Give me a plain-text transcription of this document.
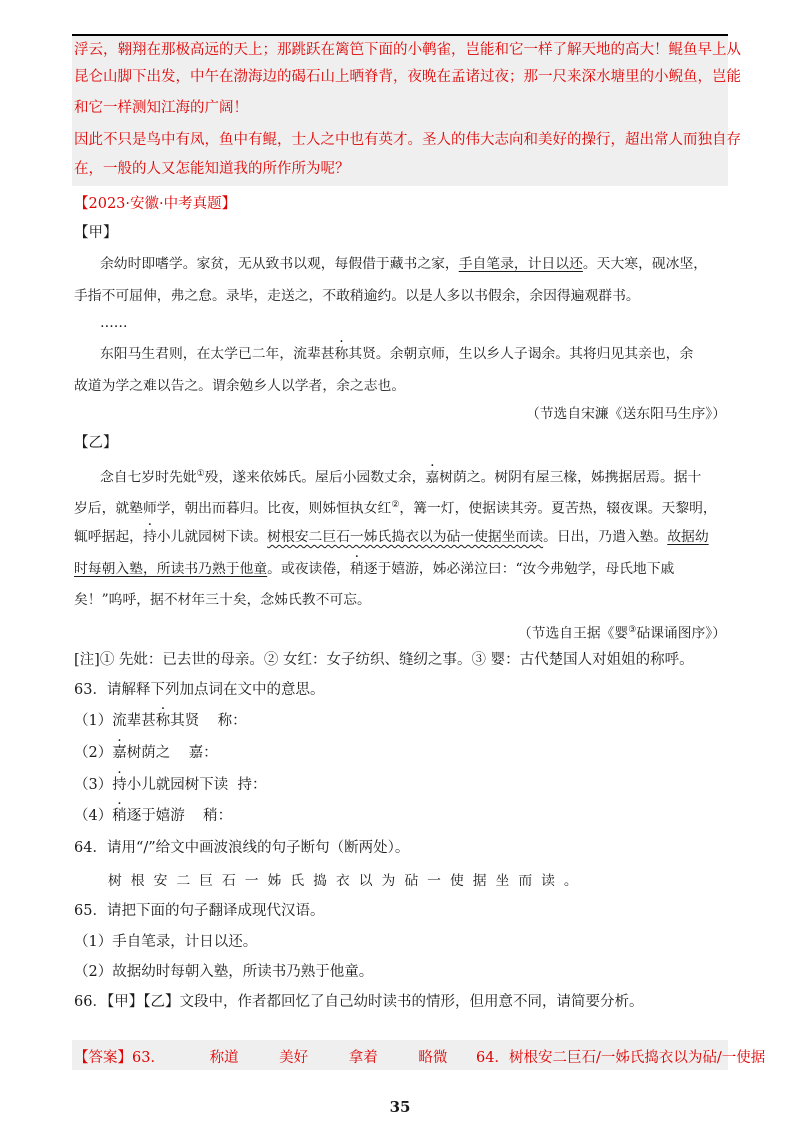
浮云，翱翔在那极高远的天上；那跳跃在篱笆下面的小鹌雀，岂能和它一样了解天地的高大！鲲鱼早上从
昆仑山脚下出发，中午在渤海边的碣石山上晒脊背，夜晚在孟诸过夜；那一尺来深水塘里的小鲵鱼，岂能
和它一样测知江海的广阔！
因此不只是鸟中有凤，鱼中有鲲，士人之中也有英才。圣人的伟大志向和美好的操行，超出常人而独自存
在，一般的人又怎能知道我的所作所为呢？
【2023·安徽·中考真题】
【甲】
余幼时即嗜学。家贫，无从致书以观，每假借于藏书之家，手自笔录，计日以还。天大寒，砚冰坚，
手指不可屈伸，弗之怠。录毕，走送之，不敢稍逾约。以是人多以书假余，余因得遍观群书。
……
东阳马生君则，在太学已二年，流辈甚称其贤。余朝京师，生以乡人子谒余。其将归见其亲也，余
故道为学之难以告之。谓余勉乡人以学者，余之志也。
（节选自宋濂《送东阳马生序》）
【乙】
念自七岁时先妣①殁，遂来依姊氏。屋后小园数丈余，嘉树荫之。树阴有屋三椽，姊携据居焉。据十
岁后，就塾师学，朝出而暮归。比夜，则姊恒执女红②，篝一灯，使据读其旁。夏苦热，辍夜课。天黎明，
辄呼据起，持小儿就园树下读。树根安二巨石一姊氏捣衣以为砧一使据坐而读。日出，乃遣入塾。故据幼
时每朝入塾，所读书乃熟于他童。或夜读倦，稍逐于嬉游，姊必涕泣曰：“汝今弗勉学，母氏地下戚
矣！”呜呼，据不材年三十矣，念姊氏教不可忘。
（节选自王据《婴③砧课诵图序》）
[注]① 先妣：已去世的母亲。② 女红：女子纺织、缝纫之事。③ 婴：古代楚国人对姐姐的称呼。
63．请解释下列加点词在文中的意思。
（1）流辈甚称其贤    称：
（2）嘉树荫之    嘉：
（3）持小儿就园树下读  持：
（4）稍逐于嬉游    稍：
64．请用“/”给文中画波浪线的句子断句（断两处）。
树根安二巨石一姊氏捣衣以为砧一使据坐而读。
65．请把下面的句子翻译成现代汉语。
（1）手自笔录，计日以还。
（2）故据幼时每朝入塾，所读书乃熟于他童。
66．【甲】【乙】文段中，作者都回忆了自己幼时读书的情形，但用意不同，请简要分析。
【答案】63．	称道	美好	拿着	略微 64．树根安二巨石/一姊氏捣衣以为砧/一使据
35
